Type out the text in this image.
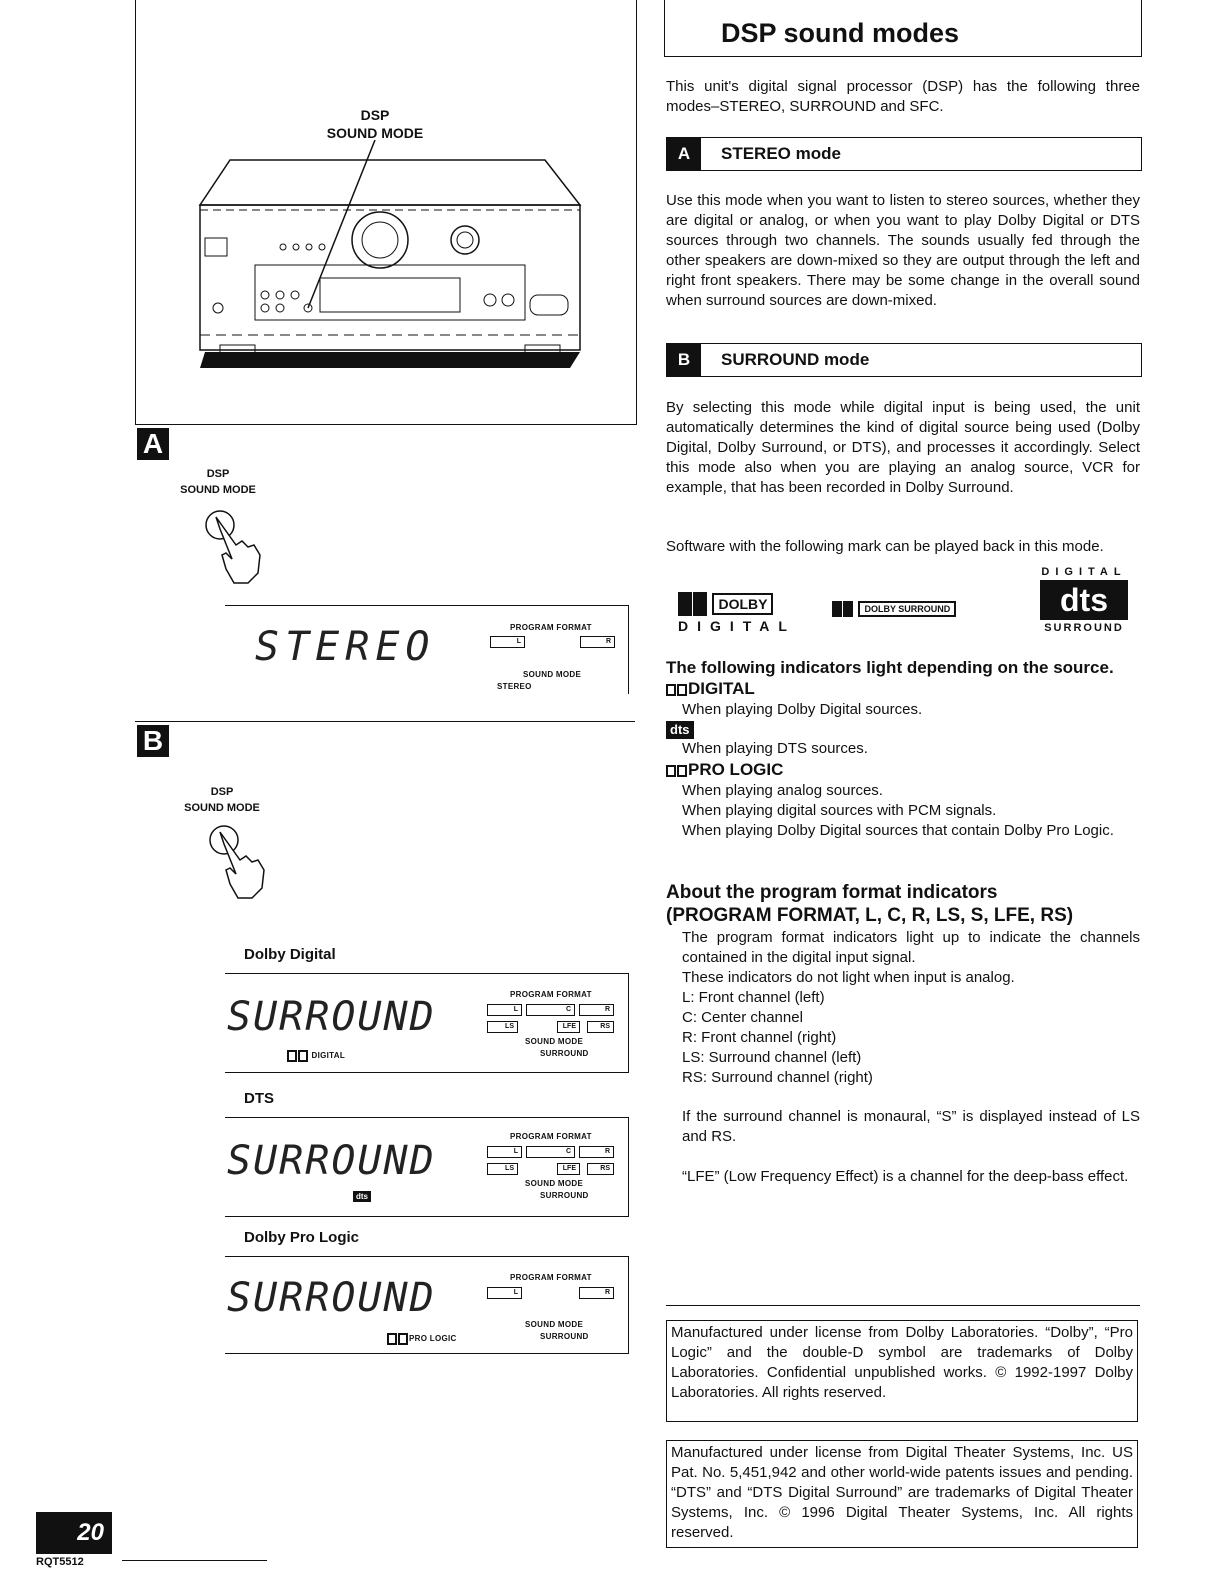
DSP
SOUND MODE
A
DSP
SOUND MODE
STEREO	PROGRAM FORMAT
L	R
SOUND MODE
STEREO
B
DSP
SOUND MODE
Dolby Digital
SURROUND	PROGRAM FORMAT
L	C	R
LS	LFE	RS
SOUND MODE
SURROUND
DIGITAL
DTS
SURROUND
PROGRAM FORMAT
L	C	R
LS	LFE	RS
SOUND MODE
SURROUND
dts
Dolby Pro Logic
SURROUND	PROGRAM FORMAT
L	R
SOUND MODE
SURROUND
PRO LOGIC
20
RQT5512
DSP sound modes
This unit's digital signal processor (DSP) has the following three modes–STEREO, SURROUND and SFC.
A	STEREO mode
Use this mode when you want to listen to stereo sources, whether they are digital or analog, or when you want to play Dolby Digital or DTS sources through two channels. The sounds usually fed through the other speakers are down-mixed so they are output through the left and right front speakers. There may be some change in the overall sound when surround sources are down-mixed.
B	SURROUND mode
By selecting this mode while digital input is being used, the unit automatically determines the kind of digital source being used (Dolby Digital, Dolby Surround, or DTS), and processes it accordingly. Select this mode also when you are playing an analog source, VCR for example, that has been recorded in Dolby Surround.
Software with the following mark can be played back in this mode.
DOLBY
DIGITAL
DOLBY SURROUND
DIGITAL
dts
SURROUND
The following indicators light depending on the source.
DIGITAL
When playing Dolby Digital sources.
dts
When playing DTS sources.
PRO LOGIC
When playing analog sources.
When playing digital sources with PCM signals.
When playing Dolby Digital sources that contain Dolby Pro Logic.
About the program format indicators
(PROGRAM FORMAT, L, C, R, LS, S, LFE, RS)
The program format indicators light up to indicate the channels contained in the digital input signal.
These indicators do not light when input is analog.
L: Front channel (left)
C: Center channel
R: Front channel (right)
LS: Surround channel (left)
RS: Surround channel (right)
If the surround channel is monaural, “S” is displayed instead of LS and RS.
“LFE” (Low Frequency Effect) is a channel for the deep-bass effect.
Manufactured under license from Dolby Laboratories. “Dolby”, “Pro Logic” and the double-D symbol are trademarks of Dolby Laboratories. Confidential unpublished works. © 1992-1997 Dolby Laboratories. All rights reserved.
Manufactured under license from Digital Theater Systems, Inc. US Pat. No. 5,451,942 and other world-wide patents issues and pending. “DTS” and “DTS Digital Surround” are trademarks of Digital Theater Systems, Inc. © 1996 Digital Theater Systems, Inc. All rights reserved.
